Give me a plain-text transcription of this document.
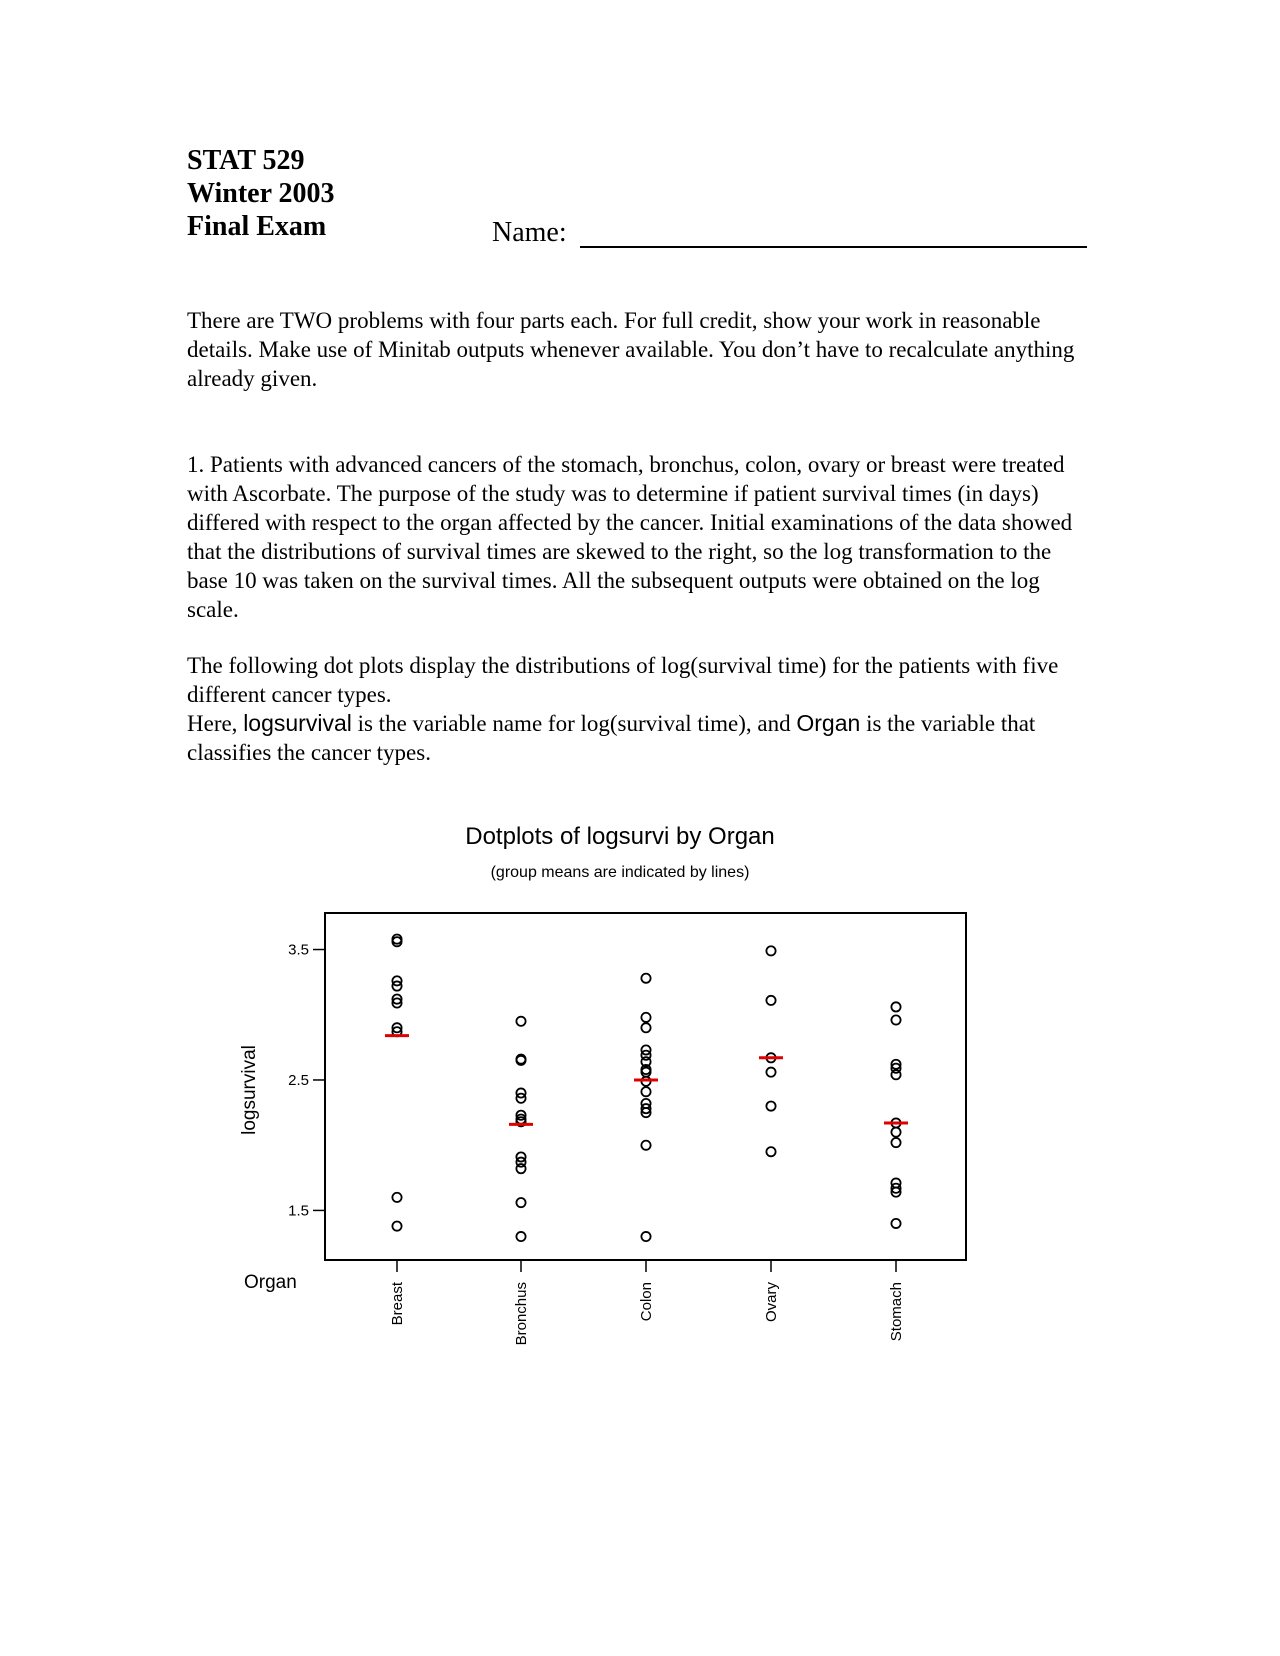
STAT 529
Winter 2003
Final Exam	Name:
There are TWO problems with four parts each. For full credit, show your work in reasonable details. Make use of Minitab outputs whenever available. You don’t have to recalculate anything already given.
1. Patients with advanced cancers of the stomach, bronchus, colon, ovary or breast were treated with Ascorbate. The purpose of the study was to determine if patient survival times (in days) differed with respect to the organ affected by the cancer. Initial examinations of the data showed that the distributions of survival times are skewed to the right, so the log transformation to the base 10 was taken on the survival times. All the subsequent outputs were obtained on the log scale.
The following dot plots display the distributions of log(survival time) for the patients with five different cancer types.
Here, logsurvival is the variable name for log(survival time), and Organ is the variable that classifies the cancer types.
Dotplots of logsurvi by Organ
(group means are indicated by lines)
logsurvival
Organ
1.5
2.5
3.5
Breast	Bronchus	Colon	Ovary	Stomach
